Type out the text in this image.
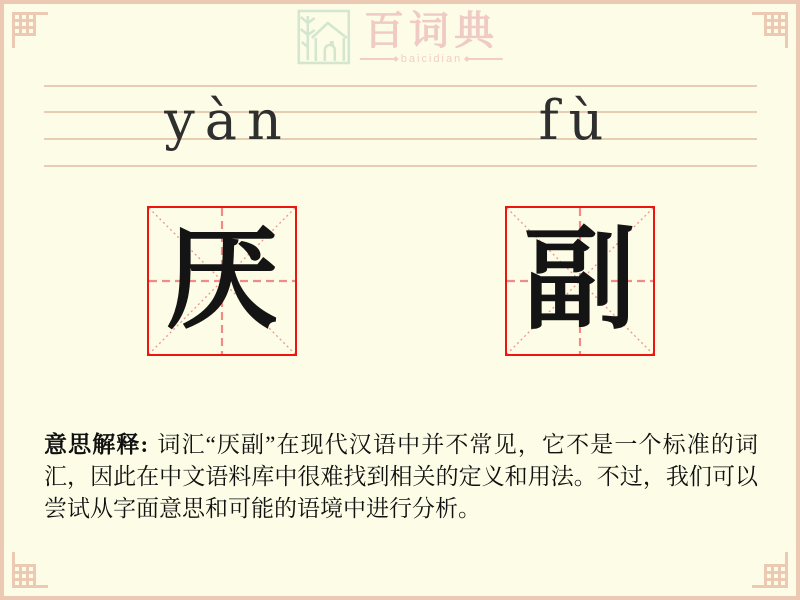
百词典
baicidian
yàn	fù
厌 副

意思解释: 词汇“厌副”在现代汉语中并不常见，它不是一个标准的词汇，因此在中文语料库中很难找到相关的定义和用法。不过，我们可以尝试从字面意思和可能的语境中进行分析。
